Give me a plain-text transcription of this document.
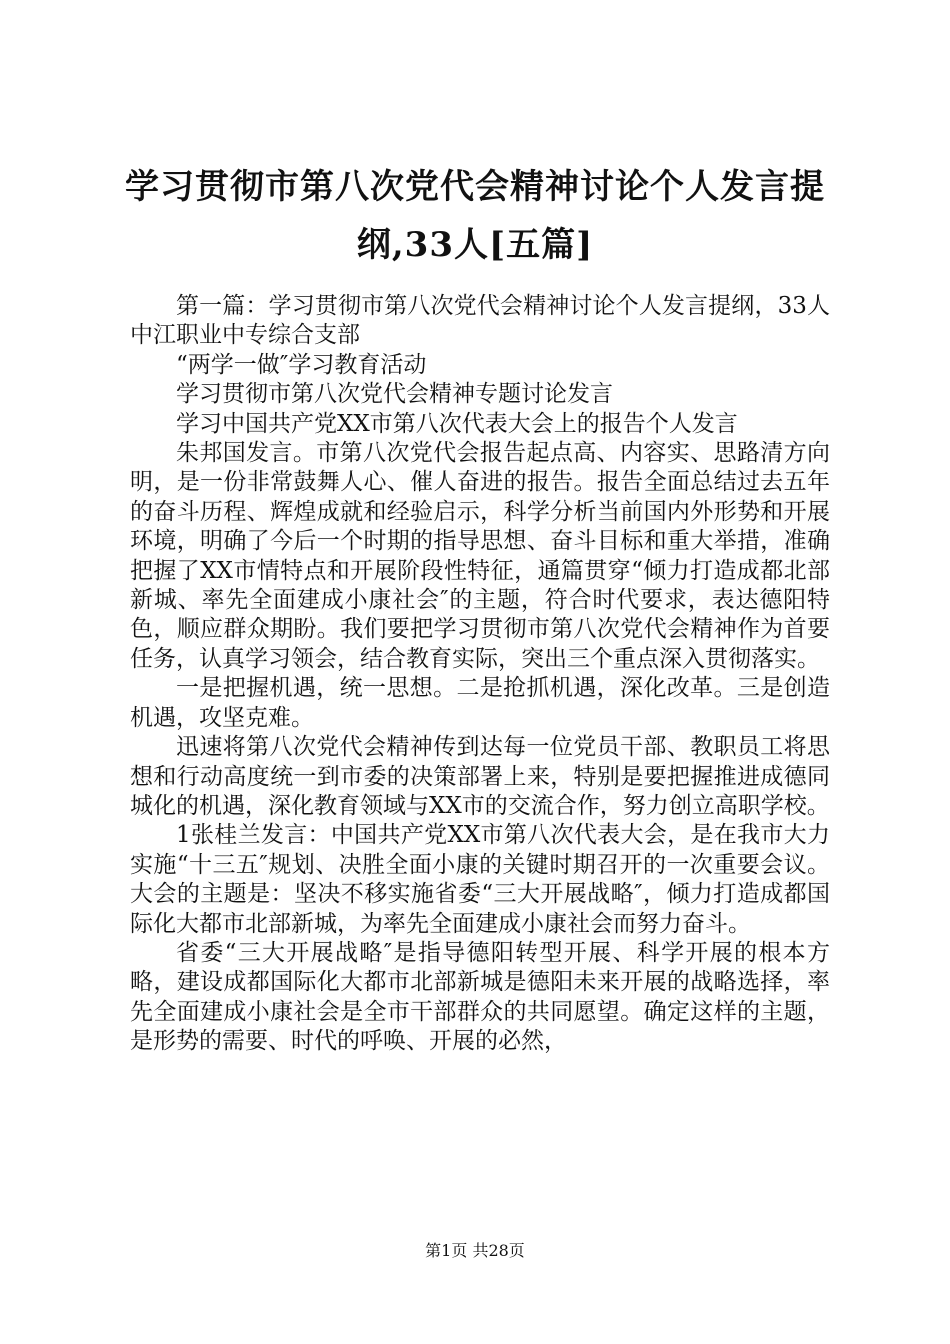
学习贯彻市第八次党代会精神讨论个人发言提纲,33人[五篇]

第一篇：学习贯彻市第八次党代会精神讨论个人发言提纲，33人中江职业中专综合支部

“两学一做″学习教育活动

学习贯彻市第八次党代会精神专题讨论发言

学习中国共产党XX市第八次代表大会上的报告个人发言

朱邦国发言。市第八次党代会报告起点高、内容实、思路清方向明，是一份非常鼓舞人心、催人奋进的报告。报告全面总结过去五年的奋斗历程、辉煌成就和经验启示，科学分析当前国内外形势和开展环境，明确了今后一个时期的指导思想、奋斗目标和重大举措，准确把握了XX市情特点和开展阶段性特征，通篇贯穿“倾力打造成都北部新城、率先全面建成小康社会″的主题，符合时代要求，表达德阳特色，顺应群众期盼。我们要把学习贯彻市第八次党代会精神作为首要任务，认真学习领会，结合教育实际，突出三个重点深入贯彻落实。

一是把握机遇，统一思想。二是抢抓机遇，深化改革。三是创造机遇，攻坚克难。

迅速将第八次党代会精神传到达每一位党员干部、教职员工将思想和行动高度统一到市委的决策部署上来，特别是要把握推进成德同城化的机遇，深化教育领域与XX市的交流合作，努力创立高职学校。

1张桂兰发言：中国共产党XX市第八次代表大会，是在我市大力实施“十三五″规划、决胜全面小康的关键时期召开的一次重要会议。大会的主题是：坚决不移实施省委“三大开展战略″，倾力打造成都国际化大都市北部新城，为率先全面建成小康社会而努力奋斗。

省委“三大开展战略″是指导德阳转型开展、科学开展的根本方略，建设成都国际化大都市北部新城是德阳未来开展的战略选择，率先全面建成小康社会是全市干部群众的共同愿望。确定这样的主题，是形势的需要、时代的呼唤、开展的必然，

第1页 共28页
